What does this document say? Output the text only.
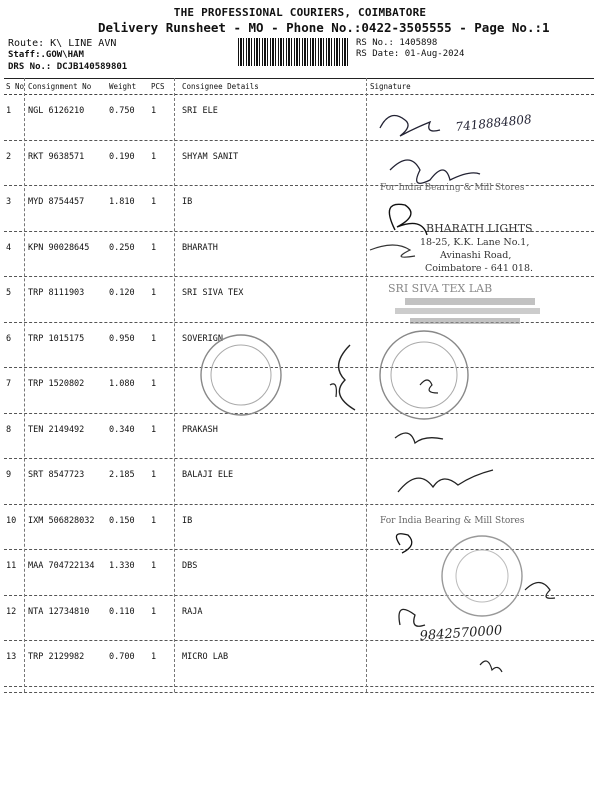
THE PROFESSIONAL COURIERS, COIMBATORE
Delivery Runsheet - MO - Phone No.:0422-3505555 - Page No.:1
Route: K\ LINE AVN
Staff:.GOW\HAM
DRS No.: DCJB140589801
RS No.: 1405898
RS Date: 01-Aug-2024
S No Consignment No Weight PCS Consignee Details	Signature
1 NGL 6126210	0.750 1	SRI ELE
2 RKT 9638571	0.190 1	SHYAM SANIT
3 MYD 8754457	1.810 1	IB
4 KPN 90028645 0.250 1	BHARATH
5 TRP 8111903	0.120 1	SRI SIVA TEX
6 TRP 1015175	0.950 1	SOVERIGN
7 TRP 1520802	1.080 1
8 TEN 2149492	0.340 1	PRAKASH
9 SRT 8547723	2.185 1	BALAJI ELE
10 IXM 506828032 0.150 1	IB
11 MAA 704722134 1.330 1	DBS
12 NTA 12734810 0.110 1	RAJA
13 TRP 2129982	0.700 1	MICRO LAB
7418884808
For India Bearing & Mill Stores
BHARATH LIGHTS
18-25, K.K. Lane No.1,
Avinashi Road,
Coimbatore - 641 018.
SRI SIVA TEX LAB
For India Bearing & Mill Stores
9842570000
